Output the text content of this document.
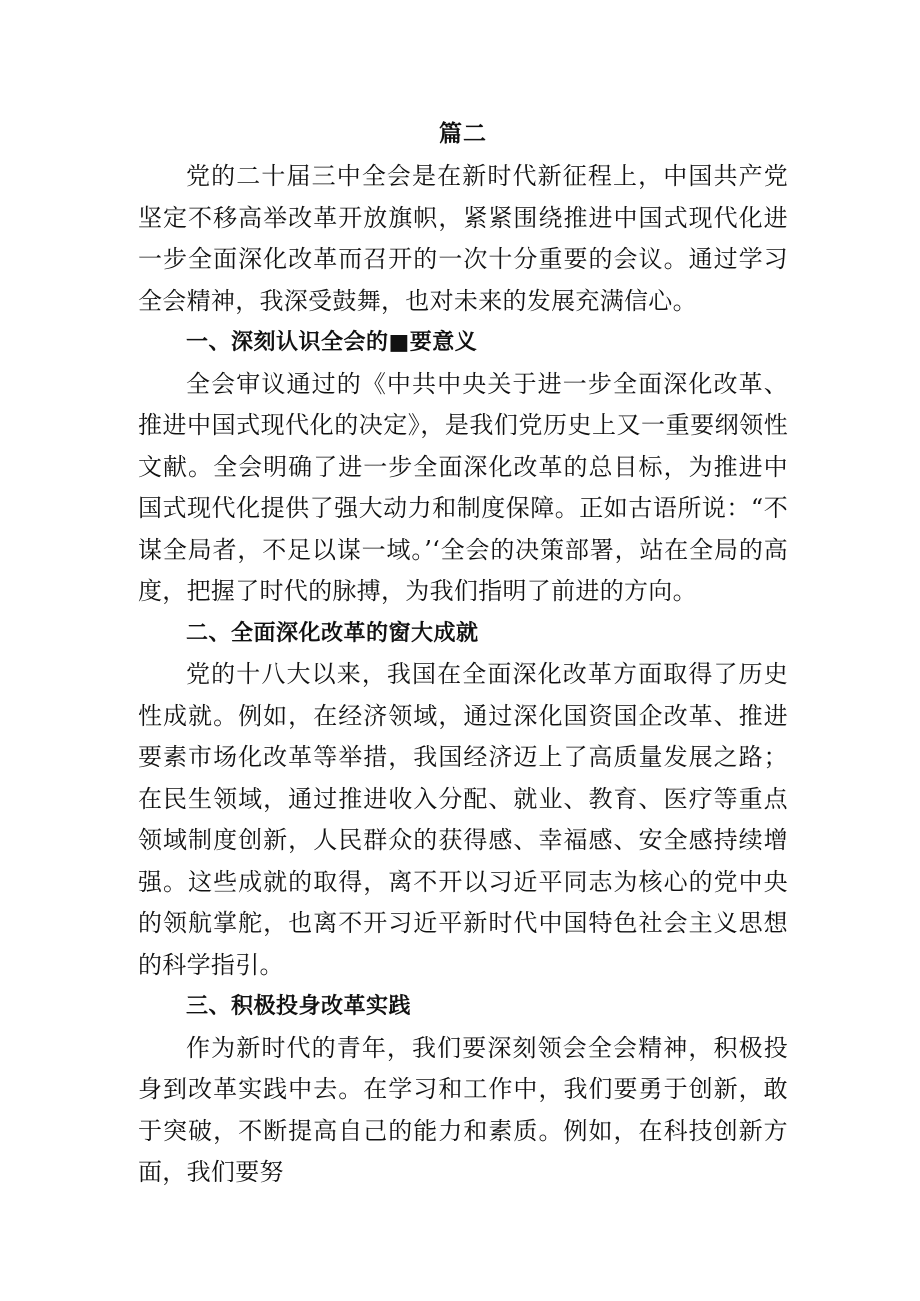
篇二

党的二十届三中全会是在新时代新征程上，中国共产党坚定不移高举改革开放旗帜，紧紧围绕推进中国式现代化进一步全面深化改革而召开的一次十分重要的会议。通过学习全会精神，我深受鼓舞，也对未来的发展充满信心。

一、深刻认识全会的■要意义

全会审议通过的《中共中央关于进一步全面深化改革、推进中国式现代化的决定》，是我们党历史上又一重要纲领性文献。全会明确了进一步全面深化改革的总目标，为推进中国式现代化提供了强大动力和制度保障。正如古语所说：“不谋全局者，不足以谋一域。’‘全会的决策部署，站在全局的高度，把握了时代的脉搏，为我们指明了前进的方向。

二、全面深化改革的窗大成就

党的十八大以来，我国在全面深化改革方面取得了历史性成就。例如，在经济领域，通过深化国资国企改革、推进要素市场化改革等举措，我国经济迈上了高质量发展之路；在民生领域，通过推进收入分配、就业、教育、医疗等重点领域制度创新，人民群众的获得感、幸福感、安全感持续增强。这些成就的取得，离不开以习近平同志为核心的党中央的领航掌舵，也离不开习近平新时代中国特色社会主义思想的科学指引。

三、积极投身改革实践

作为新时代的青年，我们要深刻领会全会精神，积极投身到改革实践中去。在学习和工作中，我们要勇于创新，敢于突破，不断提高自己的能力和素质。例如，在科技创新方面，我们要努
